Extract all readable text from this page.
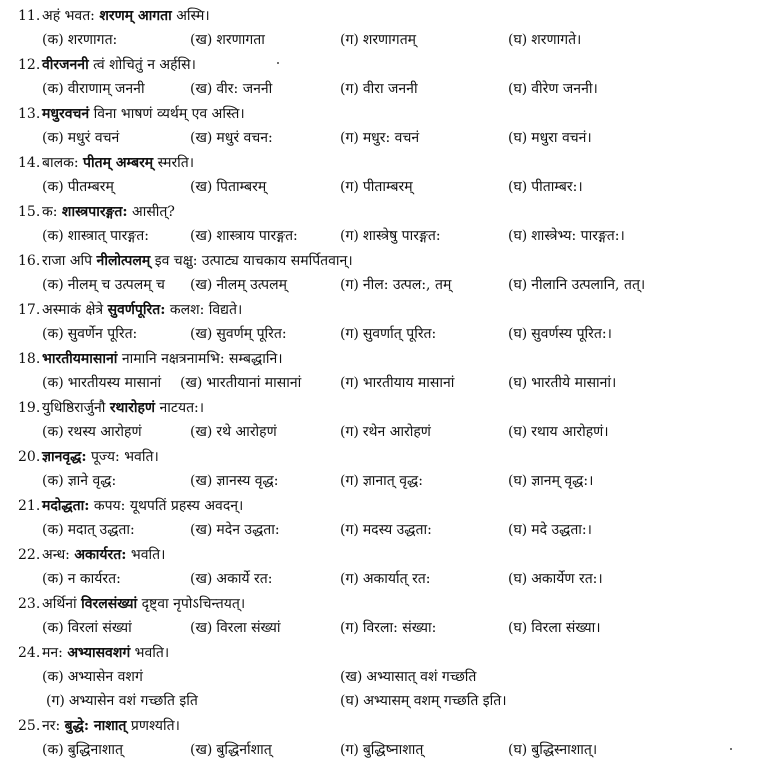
11. अहं भवत: शरणम् आगता अस्मि।
(क) शरणागत:	(ख) शरणागता	(ग) शरणागतम्	(घ) शरणागते।
12. वीरजननी त्वं शोचितुं न अर्हसि।
(क) वीराणाम् जननी	(ख) वीर: जननी	(ग) वीरा जननी	(घ) वीरेण जननी।
13. मधुरवचनं विना भाषणं व्यर्थम् एव अस्ति।
(क) मधुरं वचनं	(ख) मधुरं वचन:	(ग) मधुर: वचनं	(घ) मधुरा वचनं।
14. बालक: पीतम् अम्बरम् स्मरति।
(क) पीतम्बरम्	(ख) पिताम्बरम्	(ग) पीताम्बरम्	(घ) पीताम्बर:।
15. क: शास्त्रपारङ्गत: आसीत्?
(क) शास्त्रात् पारङ्गत:	(ख) शास्त्राय पारङ्गत:	(ग) शास्त्रेषु पारङ्गत:	(घ) शास्त्रेभ्य: पारङ्गत:।
16. राजा अपि नीलोत्पलम् इव चक्षु: उत्पाट्य याचकाय समर्पितवान्।
(क) नीलम् च उत्पलम् च (ख) नीलम् उत्पलम्	(ग) नील: उत्पल:, तम्	(घ) नीलानि उत्पलानि, तत्।
17. अस्माकं क्षेत्रे सुवर्णपूरित: कलश: विद्यते।
(क) सुवर्णेन पूरित:	(ख) सुवर्णम् पूरित:	(ग) सुवर्णात् पूरित:	(घ) सुवर्णस्य पूरित:।
18. भारतीयमासानां नामानि नक्षत्रनामभि: सम्बद्धानि।
(क) भारतीयस्य मासानां (ख) भारतीयानां मासानां	(ग) भारतीयाय मासानां	(घ) भारतीये मासानां।
19. युधिष्ठिरार्जुनौ रथारोहणं नाटयत:।
(क) रथस्य आरोहणं	(ख) रथे आरोहणं	(ग) रथेन आरोहणं	(घ) रथाय आरोहणं।
20. ज्ञानवृद्ध: पूज्य: भवति।
(क) ज्ञाने वृद्ध:	(ख) ज्ञानस्य वृद्ध:	(ग) ज्ञानात् वृद्ध:	(घ) ज्ञानम् वृद्ध:।
21. मदोद्धता: कपय: यूथपतिं प्रहस्य अवदन्।
(क) मदात् उद्धता:	(ख) मदेन उद्धता:	(ग) मदस्य उद्धता:	(घ) मदे उद्धता:।
22. अन्ध: अकार्यरत: भवति।
(क) न कार्यरत:	(ख) अकार्ये रत:	(ग) अकार्यात् रत:	(घ) अकार्येण रत:।
23. अर्थिनां विरलसंख्यां दृष्ट्वा नृपोऽचिन्तयत्।
(क) विरलां संख्यां	(ख) विरला संख्यां	(ग) विरला: संख्या:	(घ) विरला संख्या।
24. मन: अभ्यासवशगं भवति।
(क) अभ्यासेन वशगं	(ख) अभ्यासात् वशं गच्छति
(ग) अभ्यासेन वशं गच्छति इति	(घ) अभ्यासम् वशम् गच्छति इति।
25. नर: बुद्धे: नाशात् प्रणश्यति।
(क) बुद्धिनाशात्	(ख) बुद्धिर्नाशात्	(ग) बुद्धिष्नाशात्	(घ) बुद्धिस्नाशात्।
